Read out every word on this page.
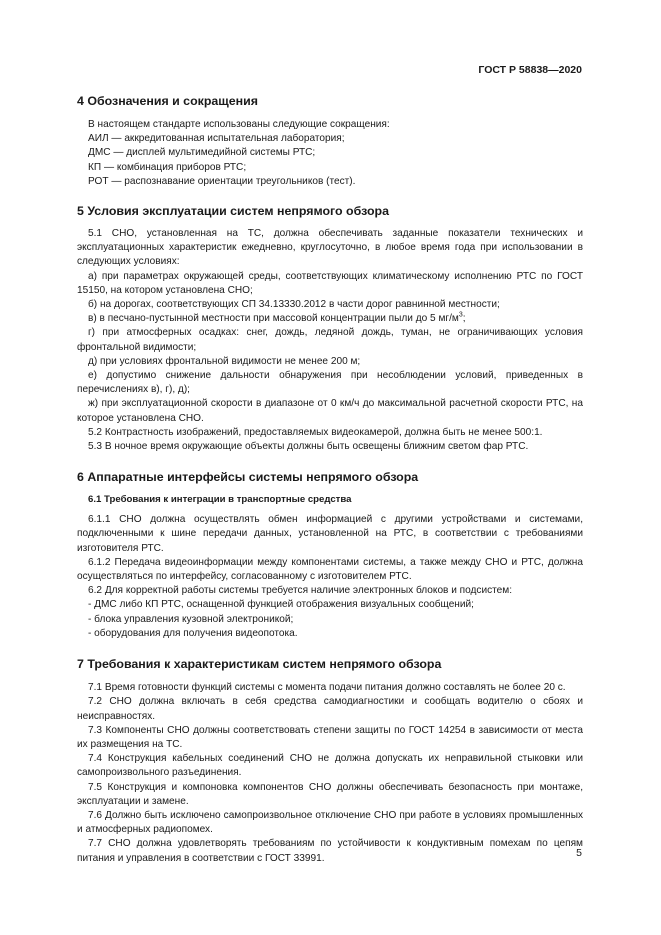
ГОСТ Р 58838—2020
4 Обозначения и сокращения

В настоящем стандарте использованы следующие сокращения:

АИЛ — аккредитованная испытательная лаборатория;

ДМС — дисплей мультимедийной системы РТС;

КП — комбинация приборов РТС;

РОТ — распознавание ориентации треугольников (тест).

5 Условия эксплуатации систем непрямого обзора

5.1 СНО, установленная на ТС, должна обеспечивать заданные показатели технических и эксплуатационных характеристик ежедневно, круглосуточно, в любое время года при использовании в следующих условиях:

а) при параметрах окружающей среды, соответствующих климатическому исполнению РТС по ГОСТ 15150, на котором установлена СНО;

б) на дорогах, соответствующих СП 34.13330.2012 в части дорог равнинной местности;

в) в песчано-пустынной местности при массовой концентрации пыли до 5 $мг/м^3$;

г) при атмосферных осадках: снег, дождь, ледяной дождь, туман, не ограничивающих условия фронтальной видимости;

д) при условиях фронтальной видимости не менее 200 м;

е) допустимо снижение дальности обнаружения при несоблюдении условий, приведенных в перечислениях в), г), д);

ж) при эксплуатационной скорости в диапазоне от 0 км/ч до максимальной расчетной скорости РТС, на которое установлена СНО.

5.2 Контрастность изображений, предоставляемых видеокамерой, должна быть не менее 500:1.

5.3 В ночное время окружающие объекты должны быть освещены ближним светом фар РТС.

6 Аппаратные интерфейсы системы непрямого обзора
6.1 Требования к интеграции в транспортные средства

6.1.1 СНО должна осуществлять обмен информацией с другими устройствами и системами, подключенными к шине передачи данных, установленной на РТС, в соответствии с требованиями изготовителя РТС.

6.1.2 Передача видеоинформации между компонентами системы, а также между СНО и РТС, должна осуществляться по интерфейсу, согласованному с изготовителем РТС.

6.2 Для корректной работы системы требуется наличие электронных блоков и подсистем:

- ДМС либо КП РТС, оснащенной функцией отображения визуальных сообщений;

- блока управления кузовной электроникой;

- оборудования для получения видеопотока.

7 Требования к характеристикам систем непрямого обзора

7.1 Время готовности функций системы с момента подачи питания должно составлять не более 20 с.

7.2 СНО должна включать в себя средства самодиагностики и сообщать водителю о сбоях и неисправностях.

7.3 Компоненты СНО должны соответствовать степени защиты по ГОСТ 14254 в зависимости от места их размещения на ТС.

7.4 Конструкция кабельных соединений СНО не должна допускать их неправильной стыковки или самопроизвольного разъединения.

7.5 Конструкция и компоновка компонентов СНО должны обеспечивать безопасность при монтаже, эксплуатации и замене.

7.6 Должно быть исключено самопроизвольное отключение СНО при работе в условиях промышленных и атмосферных радиопомех.

7.7 СНО должна удовлетворять требованиям по устойчивости к кондуктивным помехам по цепям питания и управления в соответствии с ГОСТ 33991.	5
